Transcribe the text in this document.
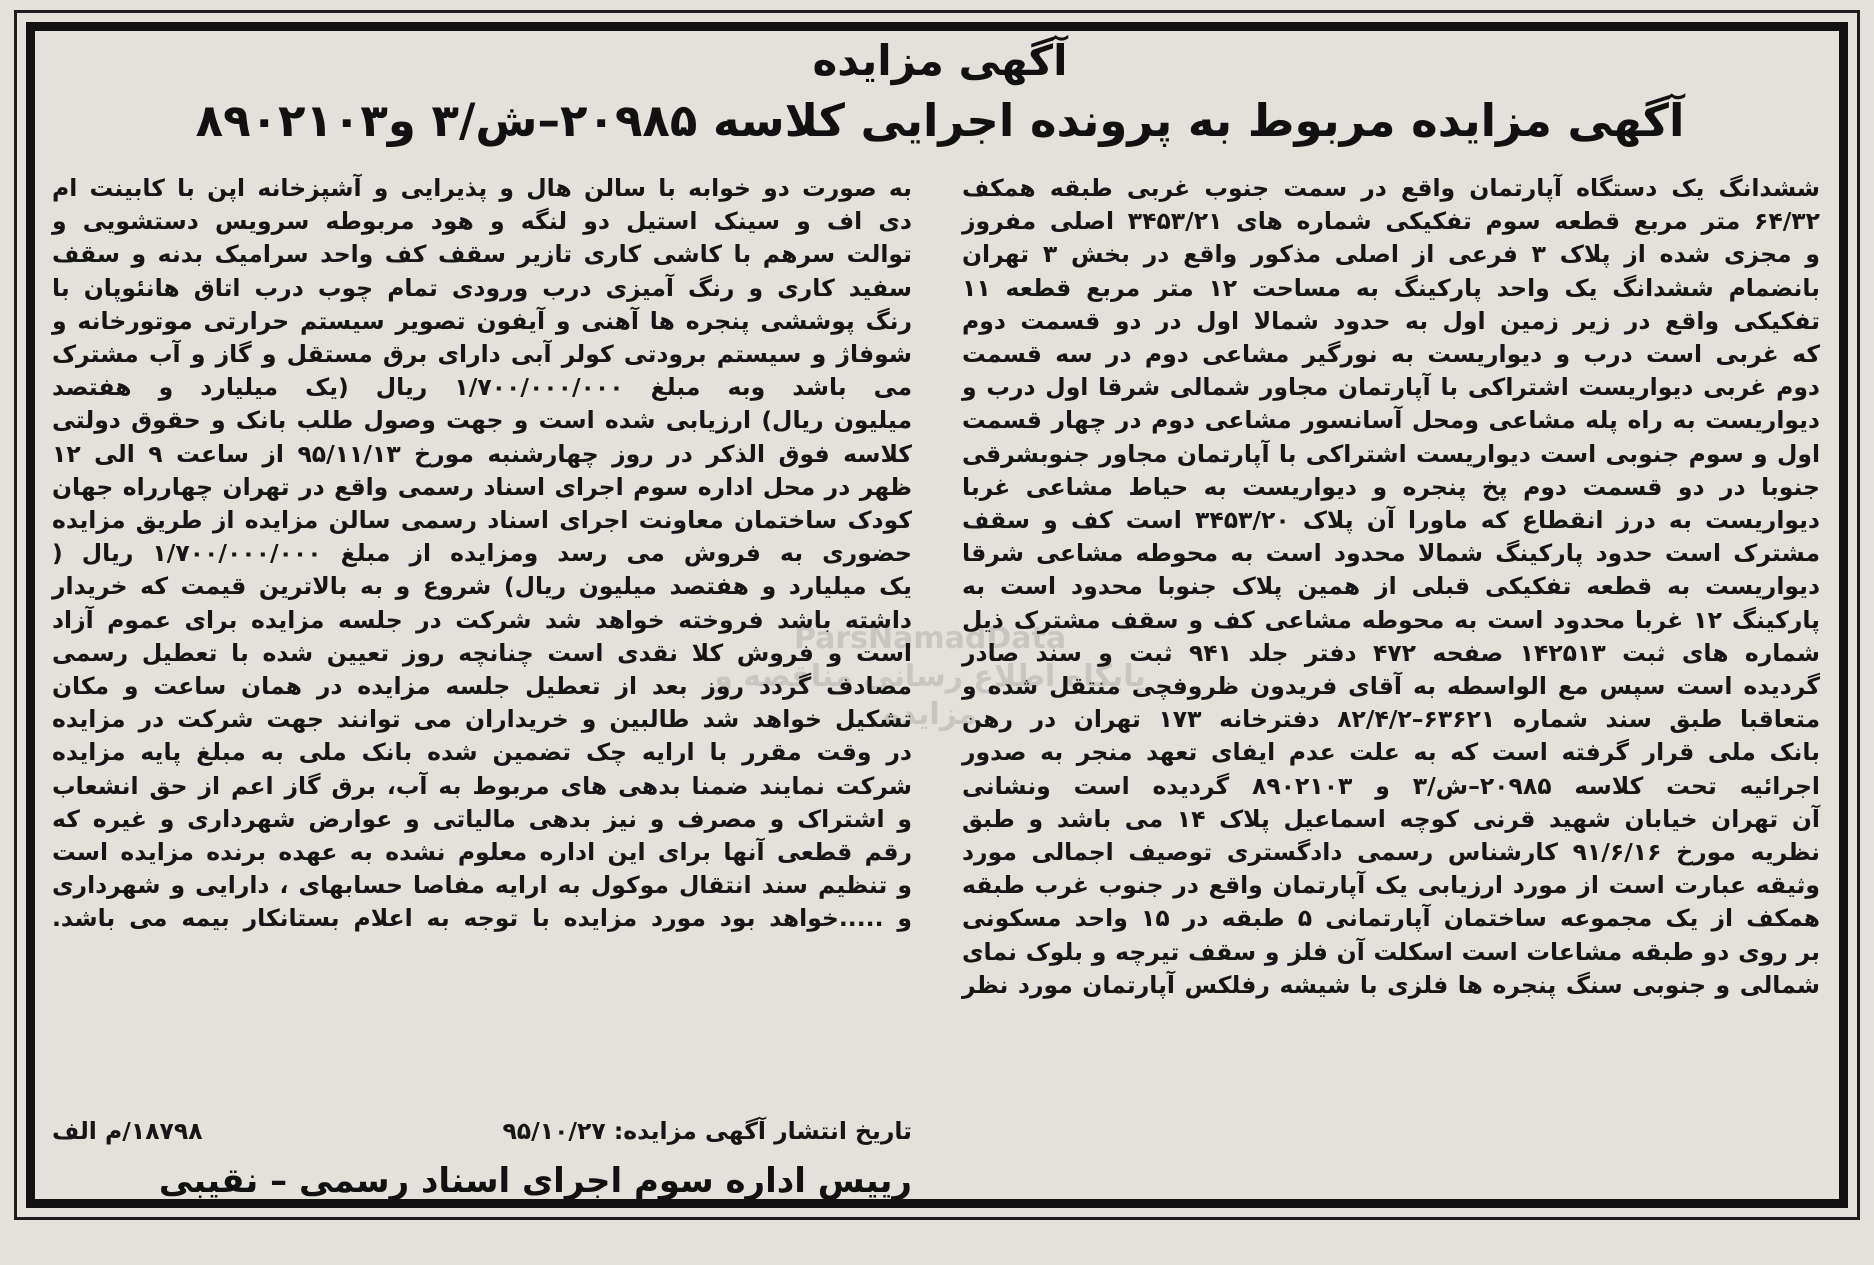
آگهی مزایده
آگهی مزایده مربوط به پرونده اجرایی کلاسه ۲۰۹۸۵–ش/۳ و۸۹۰۲۱۰۳
ParsNamadData
پایگاه اطلاع رسانی مناقصه و مزایده

ششدانگ یک دستگاه آپارتمان واقع در سمت جنوب غربی طبقه همکف

۶۴/۳۲ متر مربع قطعه سوم تفکیکی شماره های ۳۴۵۳/۲۱ اصلی مفروز

و مجزی شده از پلاک ۳ فرعی از اصلی مذکور واقع در بخش ۳ تهران

بانضمام ششدانگ یک واحد پارکینگ به مساحت ۱۲ متر مربع قطعه ۱۱

تفکیکی واقع در زیر زمین اول به حدود شمالا اول در دو قسمت دوم

که غربی است درب و دیواریست به نورگیر مشاعی دوم در سه قسمت

دوم غربی دیواریست اشتراکی با آپارتمان مجاور شمالی شرقا اول درب و

دیواریست به راه پله مشاعی ومحل آسانسور مشاعی دوم در چهار قسمت

اول و سوم جنوبی است دیواریست اشتراکی با آپارتمان مجاور جنوبشرقی

جنوبا در دو قسمت دوم پخ پنجره و دیواریست به حیاط مشاعی غربا

دیواریست به درز انقطاع که ماورا آن پلاک ۳۴۵۳/۲۰ است کف و سقف

مشترک است حدود پارکینگ شمالا محدود است به محوطه مشاعی شرقا

دیواریست به قطعه تفکیکی قبلی از همین پلاک جنوبا محدود است به

پارکینگ ۱۲ غربا محدود است به محوطه مشاعی کف و سقف مشترک ذیل

شماره های ثبت ۱۴۲۵۱۳ صفحه ۴۷۲ دفتر جلد ۹۴۱ ثبت و سند صادر

گردیده است سپس مع الواسطه به آقای فریدون ظروفچی منتقل شده و

متعاقبا طبق سند شماره ۶۳۶۲۱–۸۲/۴/۲ دفترخانه ۱۷۳ تهران در رهن

بانک ملی قرار گرفته است که به علت عدم ایفای تعهد منجر به صدور

اجرائیه تحت کلاسه ۲۰۹۸۵–ش/۳ و ۸۹۰۲۱۰۳ گردیده است ونشانی

آن تهران خیابان شهید قرنی کوچه اسماعیل پلاک ۱۴ می باشد و طبق

نظریه مورخ ۹۱/۶/۱۶ کارشناس رسمی دادگستری توصیف اجمالی مورد

وثیقه عبارت است از مورد ارزیابی یک آپارتمان واقع در جنوب غرب طبقه

همکف از یک مجموعه ساختمان آپارتمانی ۵ طبقه در ۱۵ واحد مسکونی

بر روی دو طبقه مشاعات است اسکلت آن فلز و سقف تیرچه و بلوک نمای

شمالی و جنوبی سنگ پنجره ها فلزی با شیشه رفلکس آپارتمان مورد نظر

به صورت دو خوابه با سالن هال و پذیرایی و آشپزخانه اپن با کابینت ام

دی اف و سینک استیل دو لنگه و هود مربوطه سرویس دستشویی و

توالت سرهم با کاشی کاری تازیر سقف کف واحد سرامیک بدنه و سقف

سفید کاری و رنگ آمیزی درب ورودی تمام چوب درب اتاق هانئوپان با

رنگ پوششی پنجره ها آهنی و آیفون تصویر سیستم حرارتی موتورخانه و

شوفاژ و سیستم برودتی کولر آبی دارای برق مستقل و گاز و آب مشترک

می باشد وبه مبلغ ۱/۷۰۰/۰۰۰/۰۰۰ ریال (یک میلیارد و هفتصد

میلیون ریال) ارزیابی شده است و جهت وصول طلب بانک و حقوق دولتی

کلاسه فوق الذکر در روز چهارشنبه مورخ ۹۵/۱۱/۱۳ از ساعت ۹ الی ۱۲

ظهر در محل اداره سوم اجرای اسناد رسمی واقع در تهران چهارراه جهان

کودک ساختمان معاونت اجرای اسناد رسمی سالن مزایده از طریق مزایده

حضوری به فروش می رسد ومزایده از مبلغ ۱/۷۰۰/۰۰۰/۰۰۰ ریال (

یک میلیارد و هفتصد میلیون ریال) شروع و به بالاترین قیمت که خریدار

داشته باشد فروخته خواهد شد شرکت در جلسه مزایده برای عموم آزاد

است و فروش کلا نقدی است چنانچه روز تعیین شده با تعطیل رسمی

مصادف گردد روز بعد از تعطیل جلسه مزایده در همان ساعت و مکان

تشکیل خواهد شد طالبین و خریداران می توانند جهت شرکت در مزایده

در وقت مقرر با ارایه چک تضمین شده بانک ملی به مبلغ پایه مزایده

شرکت نمایند ضمنا بدهی های مربوط به آب، برق گاز اعم از حق انشعاب

و اشتراک و مصرف و نیز بدهی مالیاتی و عوارض شهرداری و غیره که

رقم قطعی آنها برای این اداره معلوم نشده به عهده برنده مزایده است

و تنظیم سند انتقال موکول به ارایه مفاصا حسابهای ، دارایی و شهرداری

و .....خواهد بود مورد مزایده با توجه به اعلام بستانکار بیمه می باشد.

تاریخ انتشار آگهی مزایده: ۹۵/۱۰/۲۷
۱۸۷۹۸/م الف
رییس اداره سوم اجرای اسناد رسمی – نقیبی
